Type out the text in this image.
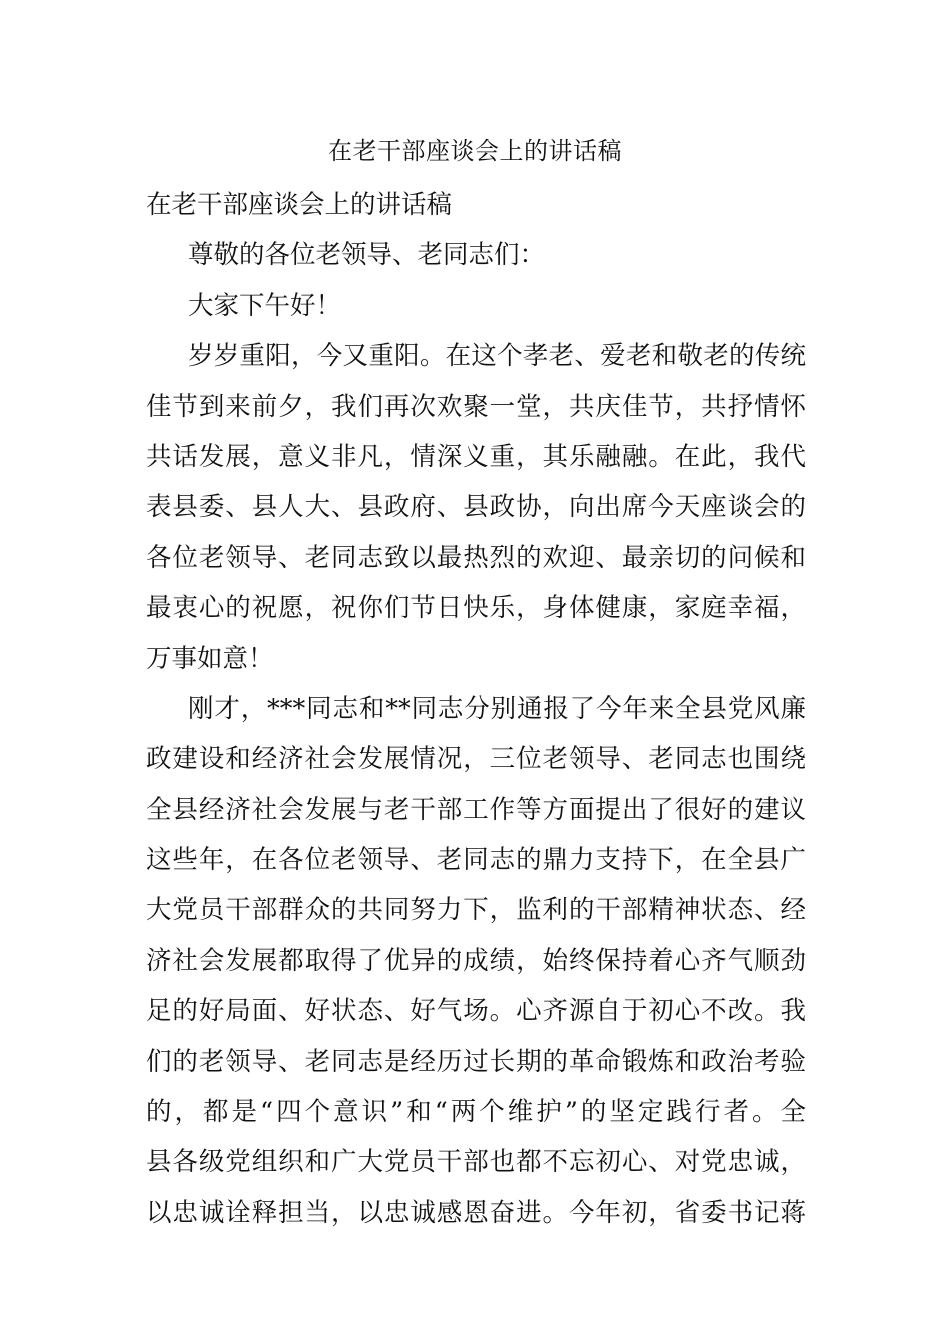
在老干部座谈会上的讲话稿
在老干部座谈会上的讲话稿
尊敬的各位老领导、老同志们：
大家下午好！
岁岁重阳，今又重阳。在这个孝老、爱老和敬老的传统
佳节到来前夕，我们再次欢聚一堂，共庆佳节，共抒情怀
共话发展，意义非凡，情深义重，其乐融融。在此，我代
表县委、县人大、县政府、县政协，向出席今天座谈会的
各位老领导、老同志致以最热烈的欢迎、最亲切的问候和
最衷心的祝愿，祝你们节日快乐，身体健康，家庭幸福，
万事如意！
刚才，***同志和**同志分别通报了今年来全县党风廉
政建设和经济社会发展情况，三位老领导、老同志也围绕
全县经济社会发展与老干部工作等方面提出了很好的建议
这些年，在各位老领导、老同志的鼎力支持下，在全县广
大党员干部群众的共同努力下，监利的干部精神状态、经
济社会发展都取得了优异的成绩，始终保持着心齐气顺劲
足的好局面、好状态、好气场。心齐源自于初心不改。我
们的老领导、老同志是经历过长期的革命锻炼和政治考验
的，都是“四个意识”和“两个维护”的坚定践行者。全
县各级党组织和广大党员干部也都不忘初心、对党忠诚，
以忠诚诠释担当，以忠诚感恩奋进。今年初，省委书记蒋
